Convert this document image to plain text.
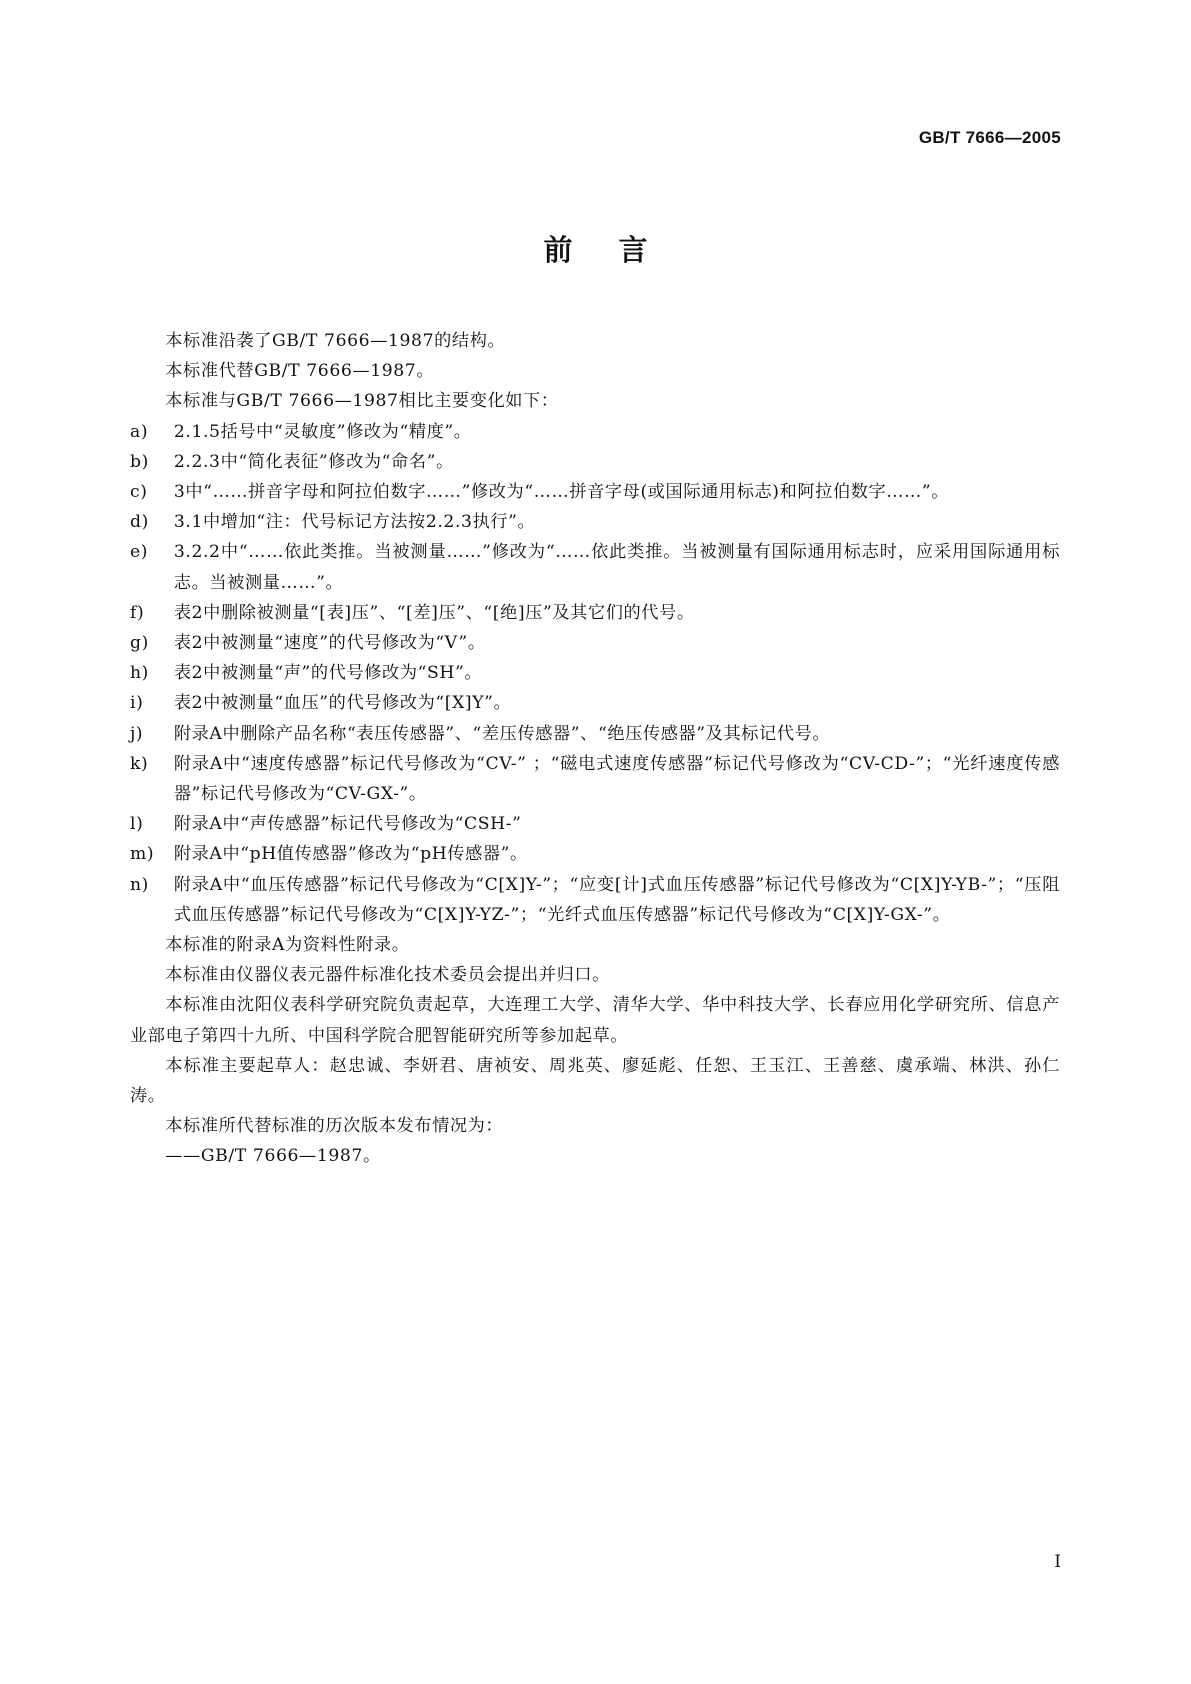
GB/T 7666—2005
前言

本标准沿袭了GB/T 7666—1987的结构。

本标准代替GB/T 7666—1987。

本标准与GB/T 7666—1987相比主要变化如下：

a) 2.1.5括号中“灵敏度”修改为“精度”。

b) 2.2.3中“简化表征”修改为“命名”。

c) 3中“……拼音字母和阿拉伯数字……”修改为“……拼音字母(或国际通用标志)和阿拉伯数字……”。

d) 3.1中增加“注：代号标记方法按2.2.3执行”。

e) 3.2.2中“……依此类推。当被测量……”修改为“……依此类推。当被测量有国际通用标志时，应采用国际通用标志。当被测量……”。

f) 表2中删除被测量“[表]压”、“[差]压”、“[绝]压”及其它们的代号。

g) 表2中被测量“速度”的代号修改为“V”。

h) 表2中被测量“声”的代号修改为“SH”。

i) 表2中被测量“血压”的代号修改为“[X]Y”。

j) 附录A中删除产品名称“表压传感器”、“差压传感器”、“绝压传感器”及其标记代号。

k) 附录A中“速度传感器”标记代号修改为“CV-” ；“磁电式速度传感器”标记代号修改为“CV-CD-”；“光纤速度传感器”标记代号修改为“CV-GX-”。

l) 附录A中“声传感器”标记代号修改为“CSH-”

m) 附录A中“pH值传感器”修改为“pH传感器”。

n) 附录A中“血压传感器”标记代号修改为“C[X]Y-”；“应变[计]式血压传感器”标记代号修改为“C[X]Y-YB-”；“压阻式血压传感器”标记代号修改为“C[X]Y-YZ-”；“光纤式血压传感器”标记代号修改为“C[X]Y-GX-”。

本标准的附录A为资料性附录。

本标准由仪器仪表元器件标准化技术委员会提出并归口。

本标准由沈阳仪表科学研究院负责起草，大连理工大学、清华大学、华中科技大学、长春应用化学研究所、信息产业部电子第四十九所、中国科学院合肥智能研究所等参加起草。

本标准主要起草人：赵忠诚、李妍君、唐祯安、周兆英、廖延彪、任恕、王玉江、王善慈、虞承端、林洪、孙仁涛。

本标准所代替标准的历次版本发布情况为：

——GB/T 7666—1987。

I
